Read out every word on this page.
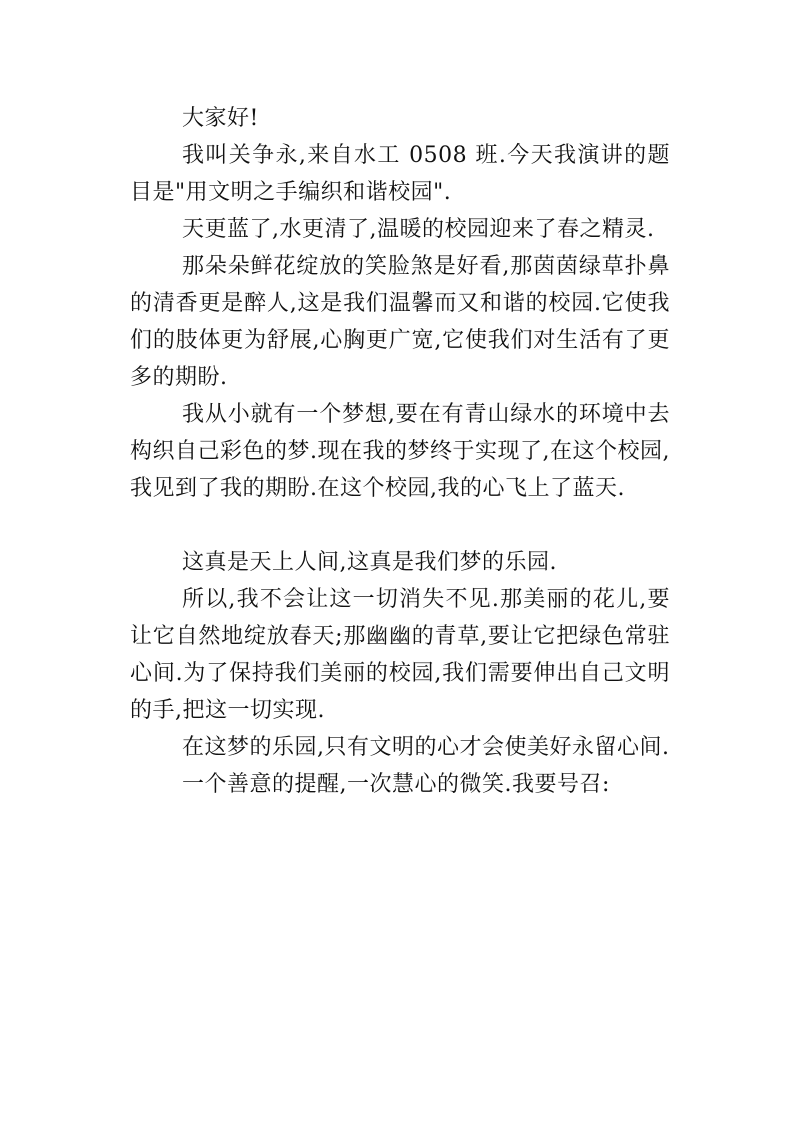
大家好!

我叫关争永,来自水工 0508 班.今天我演讲的题目是"用文明之手编织和谐校园".

天更蓝了,水更清了,温暖的校园迎来了春之精灵.

那朵朵鲜花绽放的笑脸煞是好看,那茵茵绿草扑鼻的清香更是醉人,这是我们温馨而又和谐的校园.它使我们的肢体更为舒展,心胸更广宽,它使我们对生活有了更多的期盼.

我从小就有一个梦想,要在有青山绿水的环境中去构织自己彩色的梦.现在我的梦终于实现了,在这个校园,我见到了我的期盼.在这个校园,我的心飞上了蓝天.

这真是天上人间,这真是我们梦的乐园.

所以,我不会让这一切消失不见.那美丽的花儿,要让它自然地绽放春天;那幽幽的青草,要让它把绿色常驻心间.为了保持我们美丽的校园,我们需要伸出自己文明的手,把这一切实现.

在这梦的乐园,只有文明的心才会使美好永留心间.

一个善意的提醒,一次慧心的微笑.我要号召:
